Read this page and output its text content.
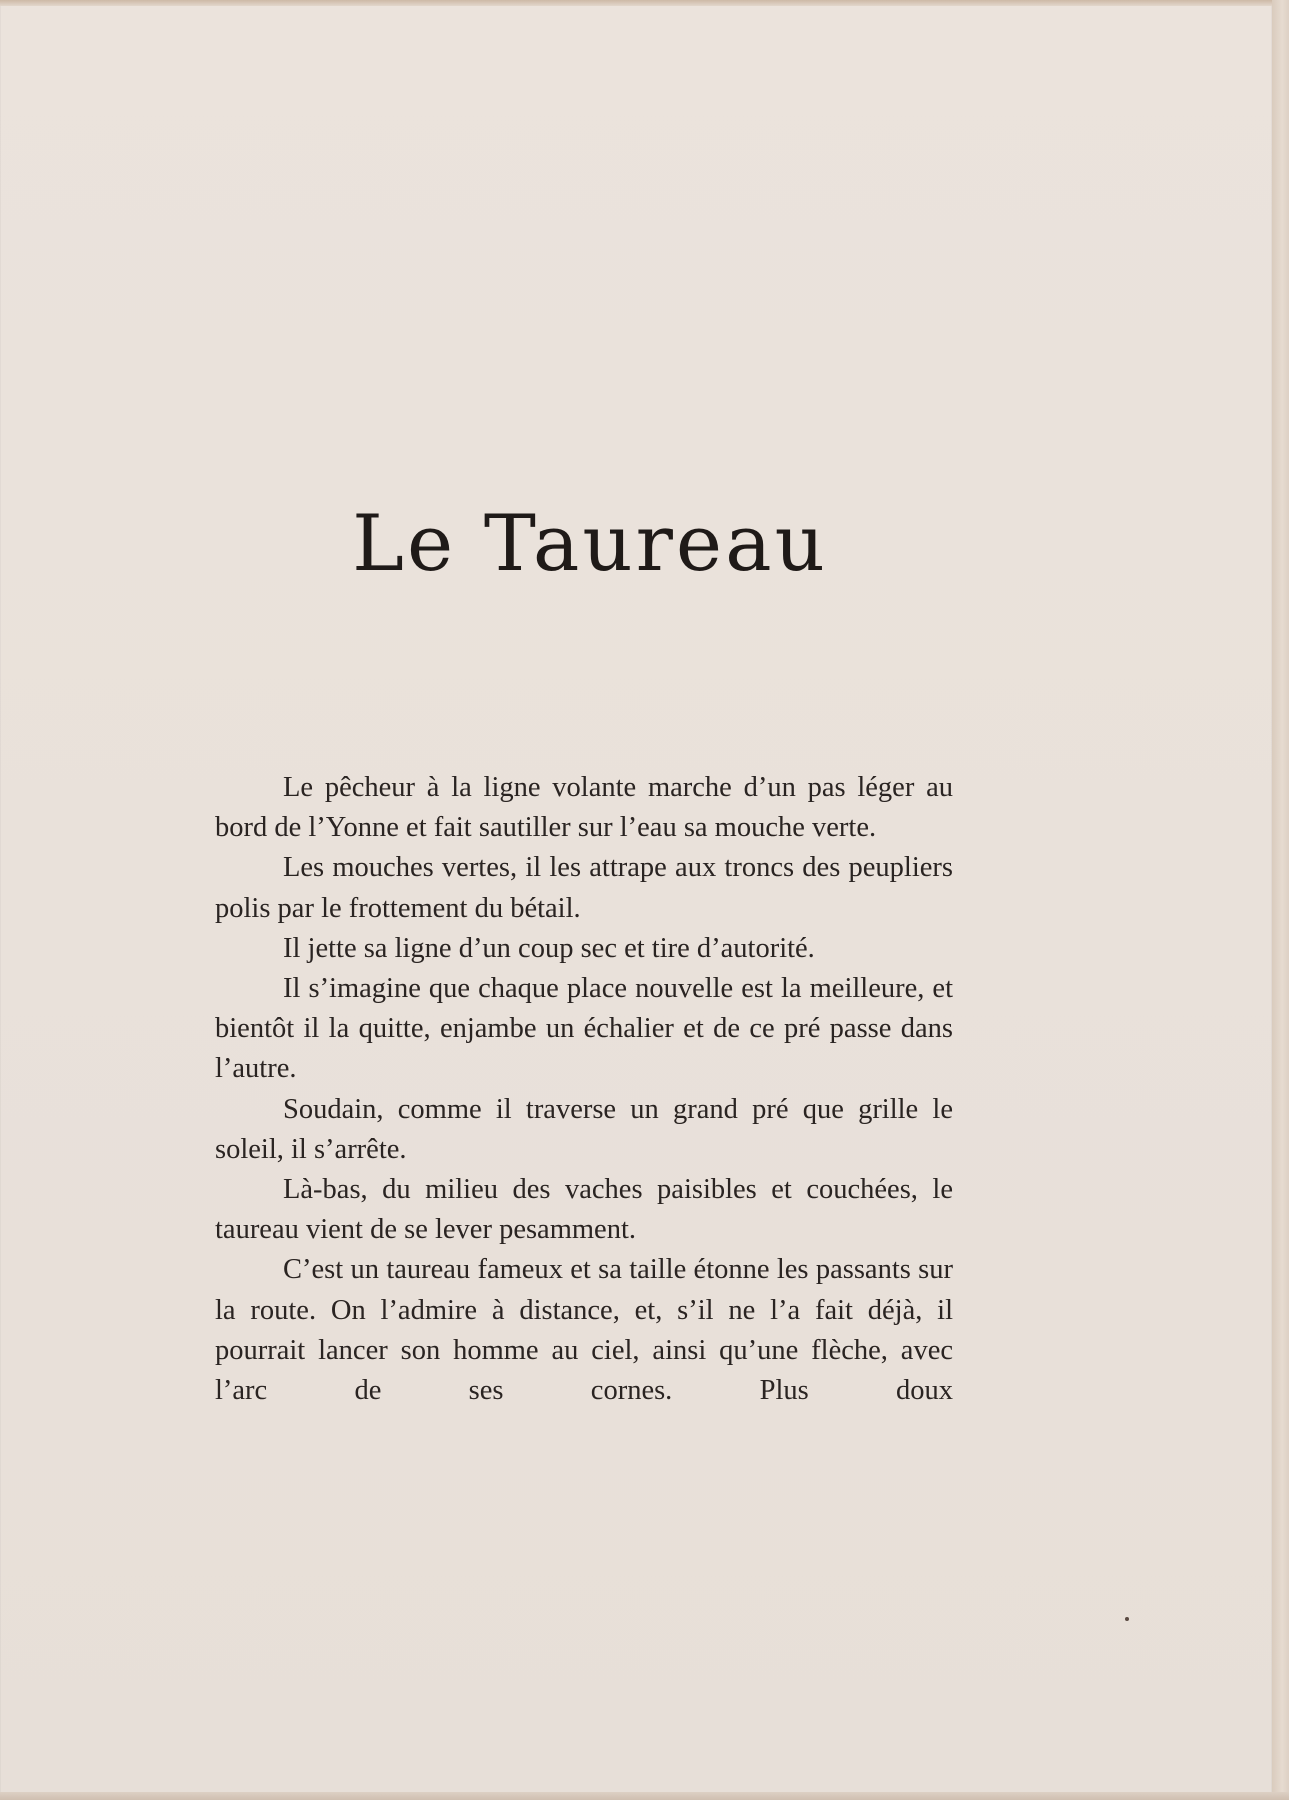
Le Taureau

Le pêcheur à la ligne volante marche d’un pas léger au bord de l’Yonne et fait sautiller sur l’eau sa mouche verte.

Les mouches vertes, il les attrape aux troncs des peupliers polis par le frottement du bétail.

Il jette sa ligne d’un coup sec et tire d’autorité.

Il s’imagine que chaque place nouvelle est la meilleure, et bientôt il la quitte, enjambe un échalier et de ce pré passe dans l’autre.

Soudain, comme il traverse un grand pré que grille le soleil, il s’arrête.

Là-bas, du milieu des vaches paisibles et couchées, le taureau vient de se lever pesamment.

C’est un taureau fameux et sa taille étonne les passants sur la route. On l’admire à distance, et, s’il ne l’a fait déjà, il pourrait lancer son homme au ciel, ainsi qu’une flèche, avec l’arc de ses cornes. Plus doux
